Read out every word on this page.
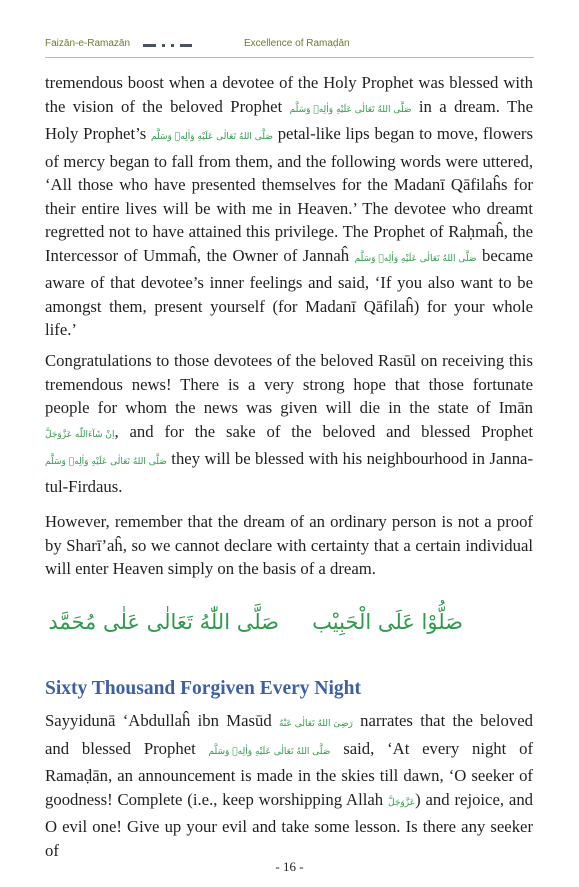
Faizān-e-Ramazān	Excellence of Ramaḍān

tremendous boost when a devotee of the Holy Prophet was blessed with the vision of the beloved Prophet صَلَّى اللهُ تَعَالٰى عَلَيْهِ وَاٰلِهٖ وَسَلَّم in a dream. The Holy Prophet’s صَلَّى اللهُ تَعَالٰى عَلَيْهِ وَاٰلِهٖ وَسَلَّم petal-like lips began to move, flowers of mercy began to fall from them, and the following words were uttered, ‘All those who have presented themselves for the Madanī Qāfilaĥs for their entire lives will be with me in Heaven.’ The devotee who dreamt regretted not to have attained this privilege. The Prophet of Raḥmaĥ, the Intercessor of Ummaĥ, the Owner of Jannaĥ صَلَّى اللهُ تَعَالٰى عَلَيْهِ وَاٰلِهٖ وَسَلَّم became aware of that devotee’s inner feelings and said, ‘If you also want to be amongst them, present yourself (for Madanī Qāfilaĥ) for your whole life.’

Congratulations to those devotees of the beloved Rasūl on receiving this tremendous news! There is a very strong hope that those fortunate people for whom the news was given will die in the state of Imān اِنْ شَآءَاللّٰه عَزَّوَجَلَّ, and for the sake of the beloved and blessed Prophet صَلَّى اللهُ تَعَالٰى عَلَيْهِ وَاٰلِهٖ وَسَلَّم they will be blessed with his neighbourhood in Janna-tul-Firdaus.

However, remember that the dream of an ordinary person is not a proof by Sharī’aĥ, so we cannot declare with certainty that a certain individual will enter Heaven simply on the basis of a dream.

صَلُّوْا عَلَى الْحَبِيْب
صَلَّى اللّٰهُ تَعَالٰى عَلٰى مُحَمَّد
Sixty Thousand Forgiven Every Night

Sayyidunā ‘Abdullaĥ ibn Masūd رَضِیَ اللهُ تَعَالٰی عَنْهُ narrates that the beloved and blessed Prophet صَلَّى اللهُ تَعَالٰى عَلَيْهِ وَاٰلِهٖ وَسَلَّم said, ‘At every night of Ramaḍān, an announcement is made in the skies till dawn, ‘O seeker of goodness! Complete (i.e., keep worshipping Allah عَزَّوَجَلَّ) and rejoice, and O evil one! Give up your evil and take some lesson. Is there any seeker of

- 16 -
